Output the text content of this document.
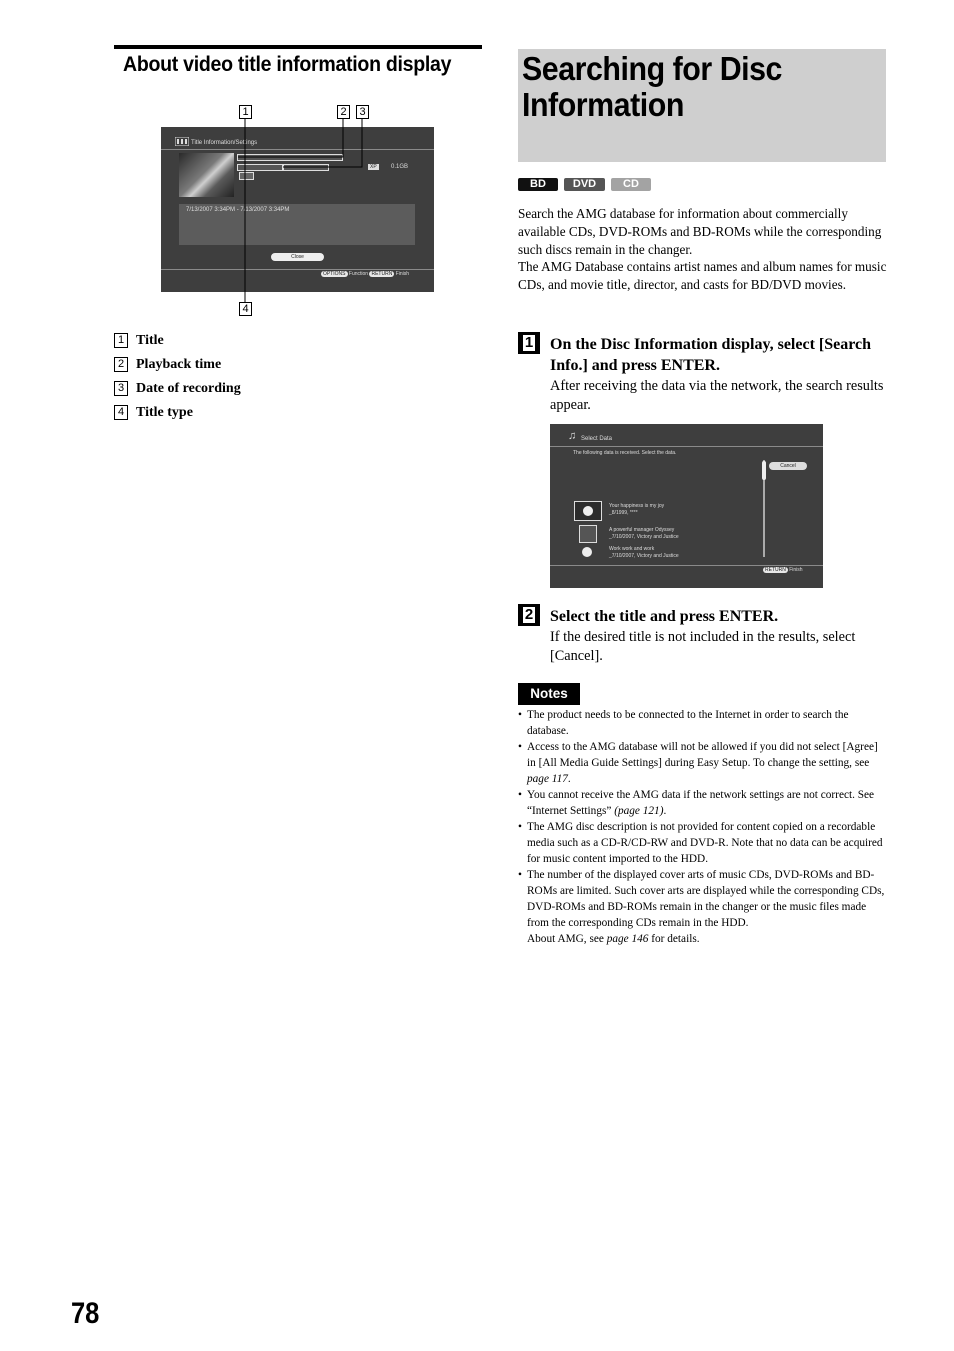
About video title information display
1	2	3
4
Title Information/Settings
XP	0.1GB
7/13/2007 3:34PM - 7/13/2007 3:34PM
Close
OPTIONS Function RETURN Finish
1 Title
2 Playback time
3 Date of recording
4 Title type
Searching for Disc
Information
BD	DVD	CD
Search the AMG database for information about commercially available CDs, DVD-ROMs and BD-ROMs while the corresponding such discs remain in the changer.
The AMG Database contains artist names and album names for music CDs, and movie title, director, and casts for BD/DVD movies.
1	On the Disc Information display, select [Search Info.] and press ENTER.
After receiving the data via the network, the search results appear.
♫ Select Data
The following data is received. Select the data.
Cancel
Your happiness is my joy
_8/1999, ****
A powerful manager Odyssey
_7/10/2007, Victory and Justice
Work work and work
_7/10/2007, Victory and Justice
RETURN Finish
2	Select the title and press ENTER.
If the desired title is not included in the results, select [Cancel].
Notes
• The product needs to be connected to the Internet in order to search the database.
• Access to the AMG database will not be allowed if you did not select [Agree] in [All Media Guide Settings] during Easy Setup. To change the setting, see page 117.
• You cannot receive the AMG data if the network settings are not correct. See “Internet Settings” (page 121).
• The AMG disc description is not provided for content copied on a recordable media such as a CD-R/CD-RW and DVD-R. Note that no data can be acquired for music content imported to the HDD.
• The number of the displayed cover arts of music CDs, DVD-ROMs and BD-ROMs are limited. Such cover arts are displayed while the corresponding CDs, DVD-ROMs and BD-ROMs remain in the changer or the music files made from the corresponding CDs remain in the HDD.
About AMG, see page 146 for details.
78
